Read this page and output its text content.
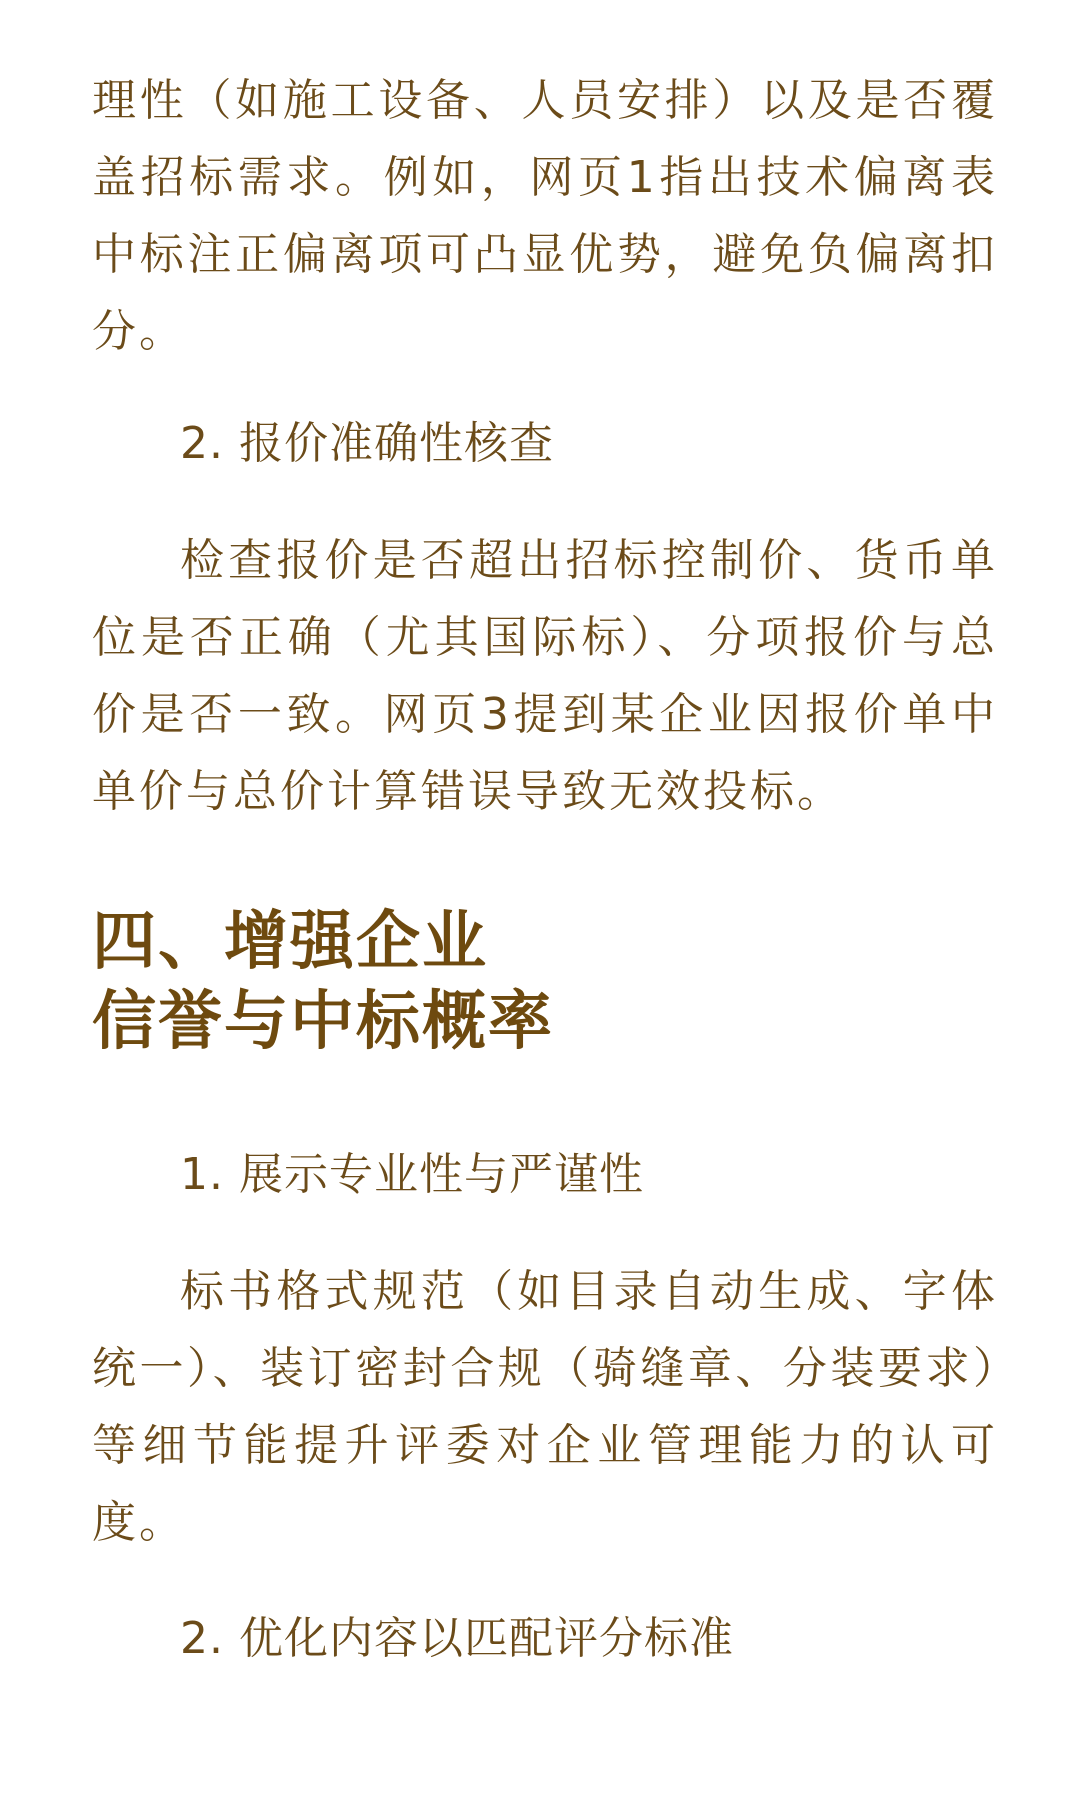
理性（如施工设备、人员安排）以及是否覆盖招标需求。例如，网页1指出技术偏离表中标注正偏离项可凸显优势，避免负偏离扣分。

2. 报价准确性核查

检查报价是否超出招标控制价、货币单位是否正确（尤其国际标）、分项报价与总价是否一致。网页3提到某企业因报价单中单价与总价计算错误导致无效投标。

四、增强企业

信誉与中标概率

1. 展示专业性与严谨性

标书格式规范（如目录自动生成、字体统一）、装订密封合规（骑缝章、分装要求）等细节能提升评委对企业管理能力的认可度。

2. 优化内容以匹配评分标准
